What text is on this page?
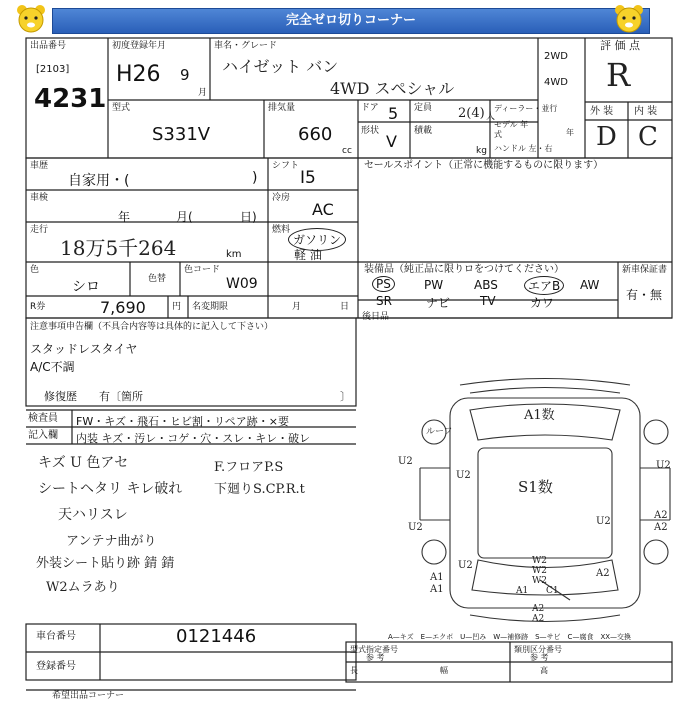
完全ゼロ切りコーナー
出品番号
[2103]
4231
初度登録年月
H26 9
月
車名・グレード
ハイゼット バン
4WD スペシャル
2WD
4WD
評 価 点
R
外 装 内 装
D C
型式
S331V
排気量
660
cc
ドア 5 定員 2(4) 人
形状
V
積載
kg
ディーラー・並行
モデル 年式	年
ハンドル 左・右
車歴
自家用・(	)
シフト
I5
セールスポイント（正常に機能するものに限ります）
車検
年	月(	日)
冷房
AC
走行
18万5千264	km
燃料
ガソリン
軽 油
色
シロ	色替
色コード
W09
装備品（純正品に限りロをつけてください）
PS	PW	ABS	エアB	AW
SR	ナビ TV	カワ
新車保証書
有・無
R券	7,690	円 名変期限	月	日
後日品
注意事項申告欄（不具合内容等は具体的に記入して下さい）
スタッドレスタイヤ
A/C不調
修復歴　　有〔箇所	〕
検査員
記入欄
FW・キズ・飛石・ヒビ割・リペア跡・×要
内装 キズ・汚レ・コゲ・穴・スレ・キレ・破レ
キズ U 色アセ
シートヘタリ キレ破れ
天ハリスレ
アンテナ曲がり
外装シート貼り跡 錆 錆
W2ムラあり
F.フロアP.S
下廻りS.CP.R.t
A1数
S1数
U2
U2
U2
A2
A2
U2
U2
U2
A1
A1
A2
W2
W2
W2
A1 C1
A2
A2
ルーフ
車台番号	0121446
登録番号
A—キズ　E—エクボ　U—凹み　W—補修跡　S—サビ　C—腐食　XX—交換
型式指定番号
参 考
類別区分番号
参 考
長	幅	高
希望出品コーナー
